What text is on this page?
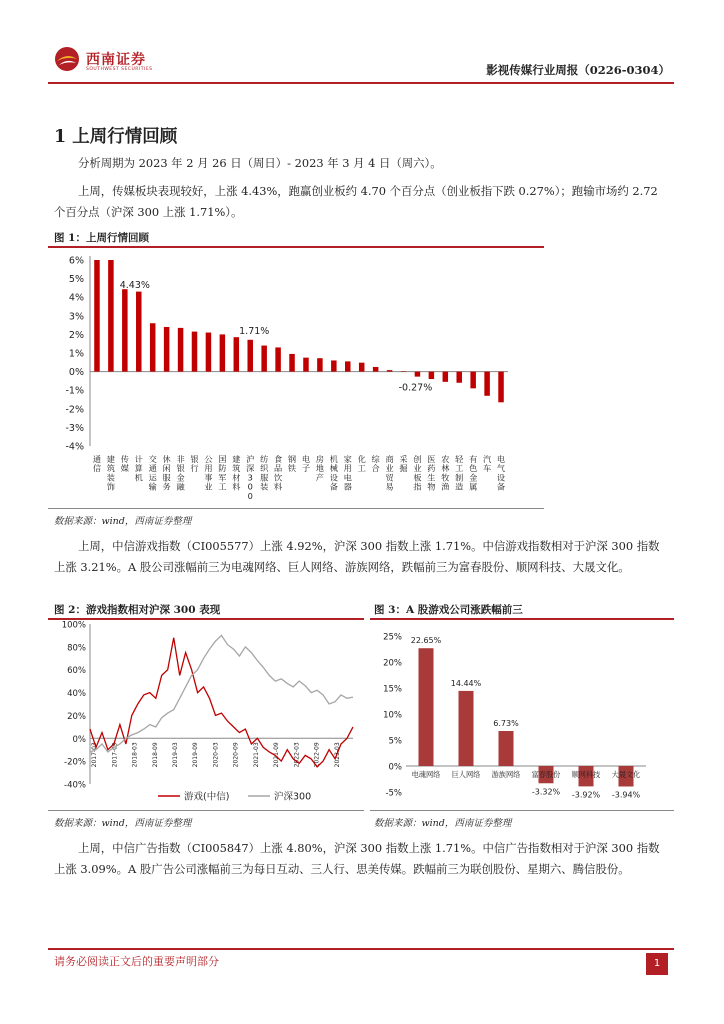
西南证券
SOUTHWEST SECURITIES	影视传媒行业周报（0226-0304）
1 上周行情回顾
分析周期为 2023 年 2 月 26 日（周日）- 2023 年 3 月 4 日（周六）。
上周，传媒板块表现较好，上涨 4.43%，跑赢创业板约 4.70 个百分点（创业板指下跌 0.27%）；跑输市场约 2.72 个百分点（沪深 300 上涨 1.71%）。
图 1：上周行情回顾
6%
5%
4%
3%
2%
1%
0%
-1%
-2%
-3%
-4%
通信
建筑装饰
传媒
计算机
交通运输
休闲服务
非银金融
银行
公用事业
国防军工
建筑材料
沪深 3 0 0
纺织服装
食品饮料
钢铁
电子
房地产
机械设备
家用电器
化工
综合
商业贸易
采掘
创业板指
医药生物
农林牧渔
轻工制造
有色金属
汽车
电气设备
4.43%
1.71%
-0.27%
数据来源：wind，西南证券整理
上周，中信游戏指数（CI005577）上涨 4.92%，沪深 300 指数上涨 1.71%。中信游戏指数相对于沪深 300 指数上涨 3.21%。A 股公司涨幅前三为电魂网络、巨人网络、游族网络，跌幅前三为富春股份、顺网科技、大晟文化。
图 2：游戏指数相对沪深 300 表现
100%
80%
60%
40%
20%
0%
-20%
-40%
2017-03 2017-09 2018-03 2018-09 2019-03 2019-09 2020-03 2020-09 2021-03 2021-09 2022-03 2022-09 2023-03
游戏(中信)	沪深300
数据来源：wind，西南证券整理
图 3：A 股游戏公司涨跌幅前三
25%
20%
15%
10%
5%
0%
-5%
22.65%
电魂网络
14.44%
巨人网络
6.73%
游族网络
-3.32%
富春股份
-3.92%
顺网科技
-3.94%
大晟文化
数据来源：wind，西南证券整理
上周，中信广告指数（CI005847）上涨 4.80%，沪深 300 指数上涨 1.71%。中信广告指数相对于沪深 300 指数上涨 3.09%。A 股广告公司涨幅前三为每日互动、三人行、思美传媒。跌幅前三为联创股份、星期六、腾信股份。
请务必阅读正文后的重要声明部分	1
